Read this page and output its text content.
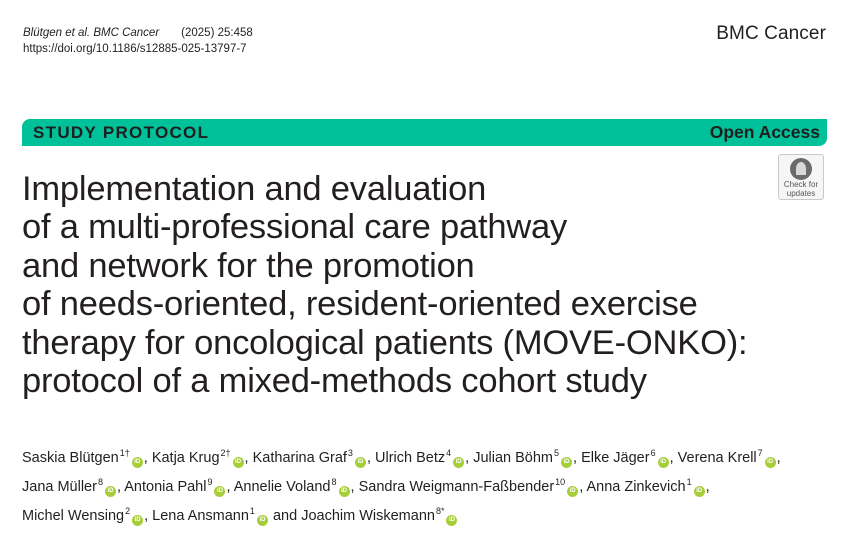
Blütgen et al. BMC Cancer (2025) 25:458
https://doi.org/10.1186/s12885-025-13797-7
BMC Cancer
STUDY PROTOCOL	Open Access
Check for
updates
Implementation and evaluation
of a multi-professional care pathway
and network for the promotion
of needs-oriented, resident-oriented exercise
therapy for oncological patients (MOVE-ONKO):
protocol of a mixed-methods cohort study
Saskia Blütgen$^{1\dagger}$iD , Katja Krug$^{2\dagger}$iD , Katharina Graf$^3$iD , Ulrich Betz$^4$iD , Julian Böhm$^5$iD , Elke Jäger$^6$iD , Verena Krell$^7$iD ,
Jana Müller$^8$iD , Antonia Pahl$^9$iD , Annelie Voland$^8$iD , Sandra Weigmann-Faßbender$^{10}$iD , Anna Zinkevich$^1$iD ,
Michel Wensing$^2$iD , Lena Ansmann$^1$iD and Joachim Wiskemann$^{8*}$iD
